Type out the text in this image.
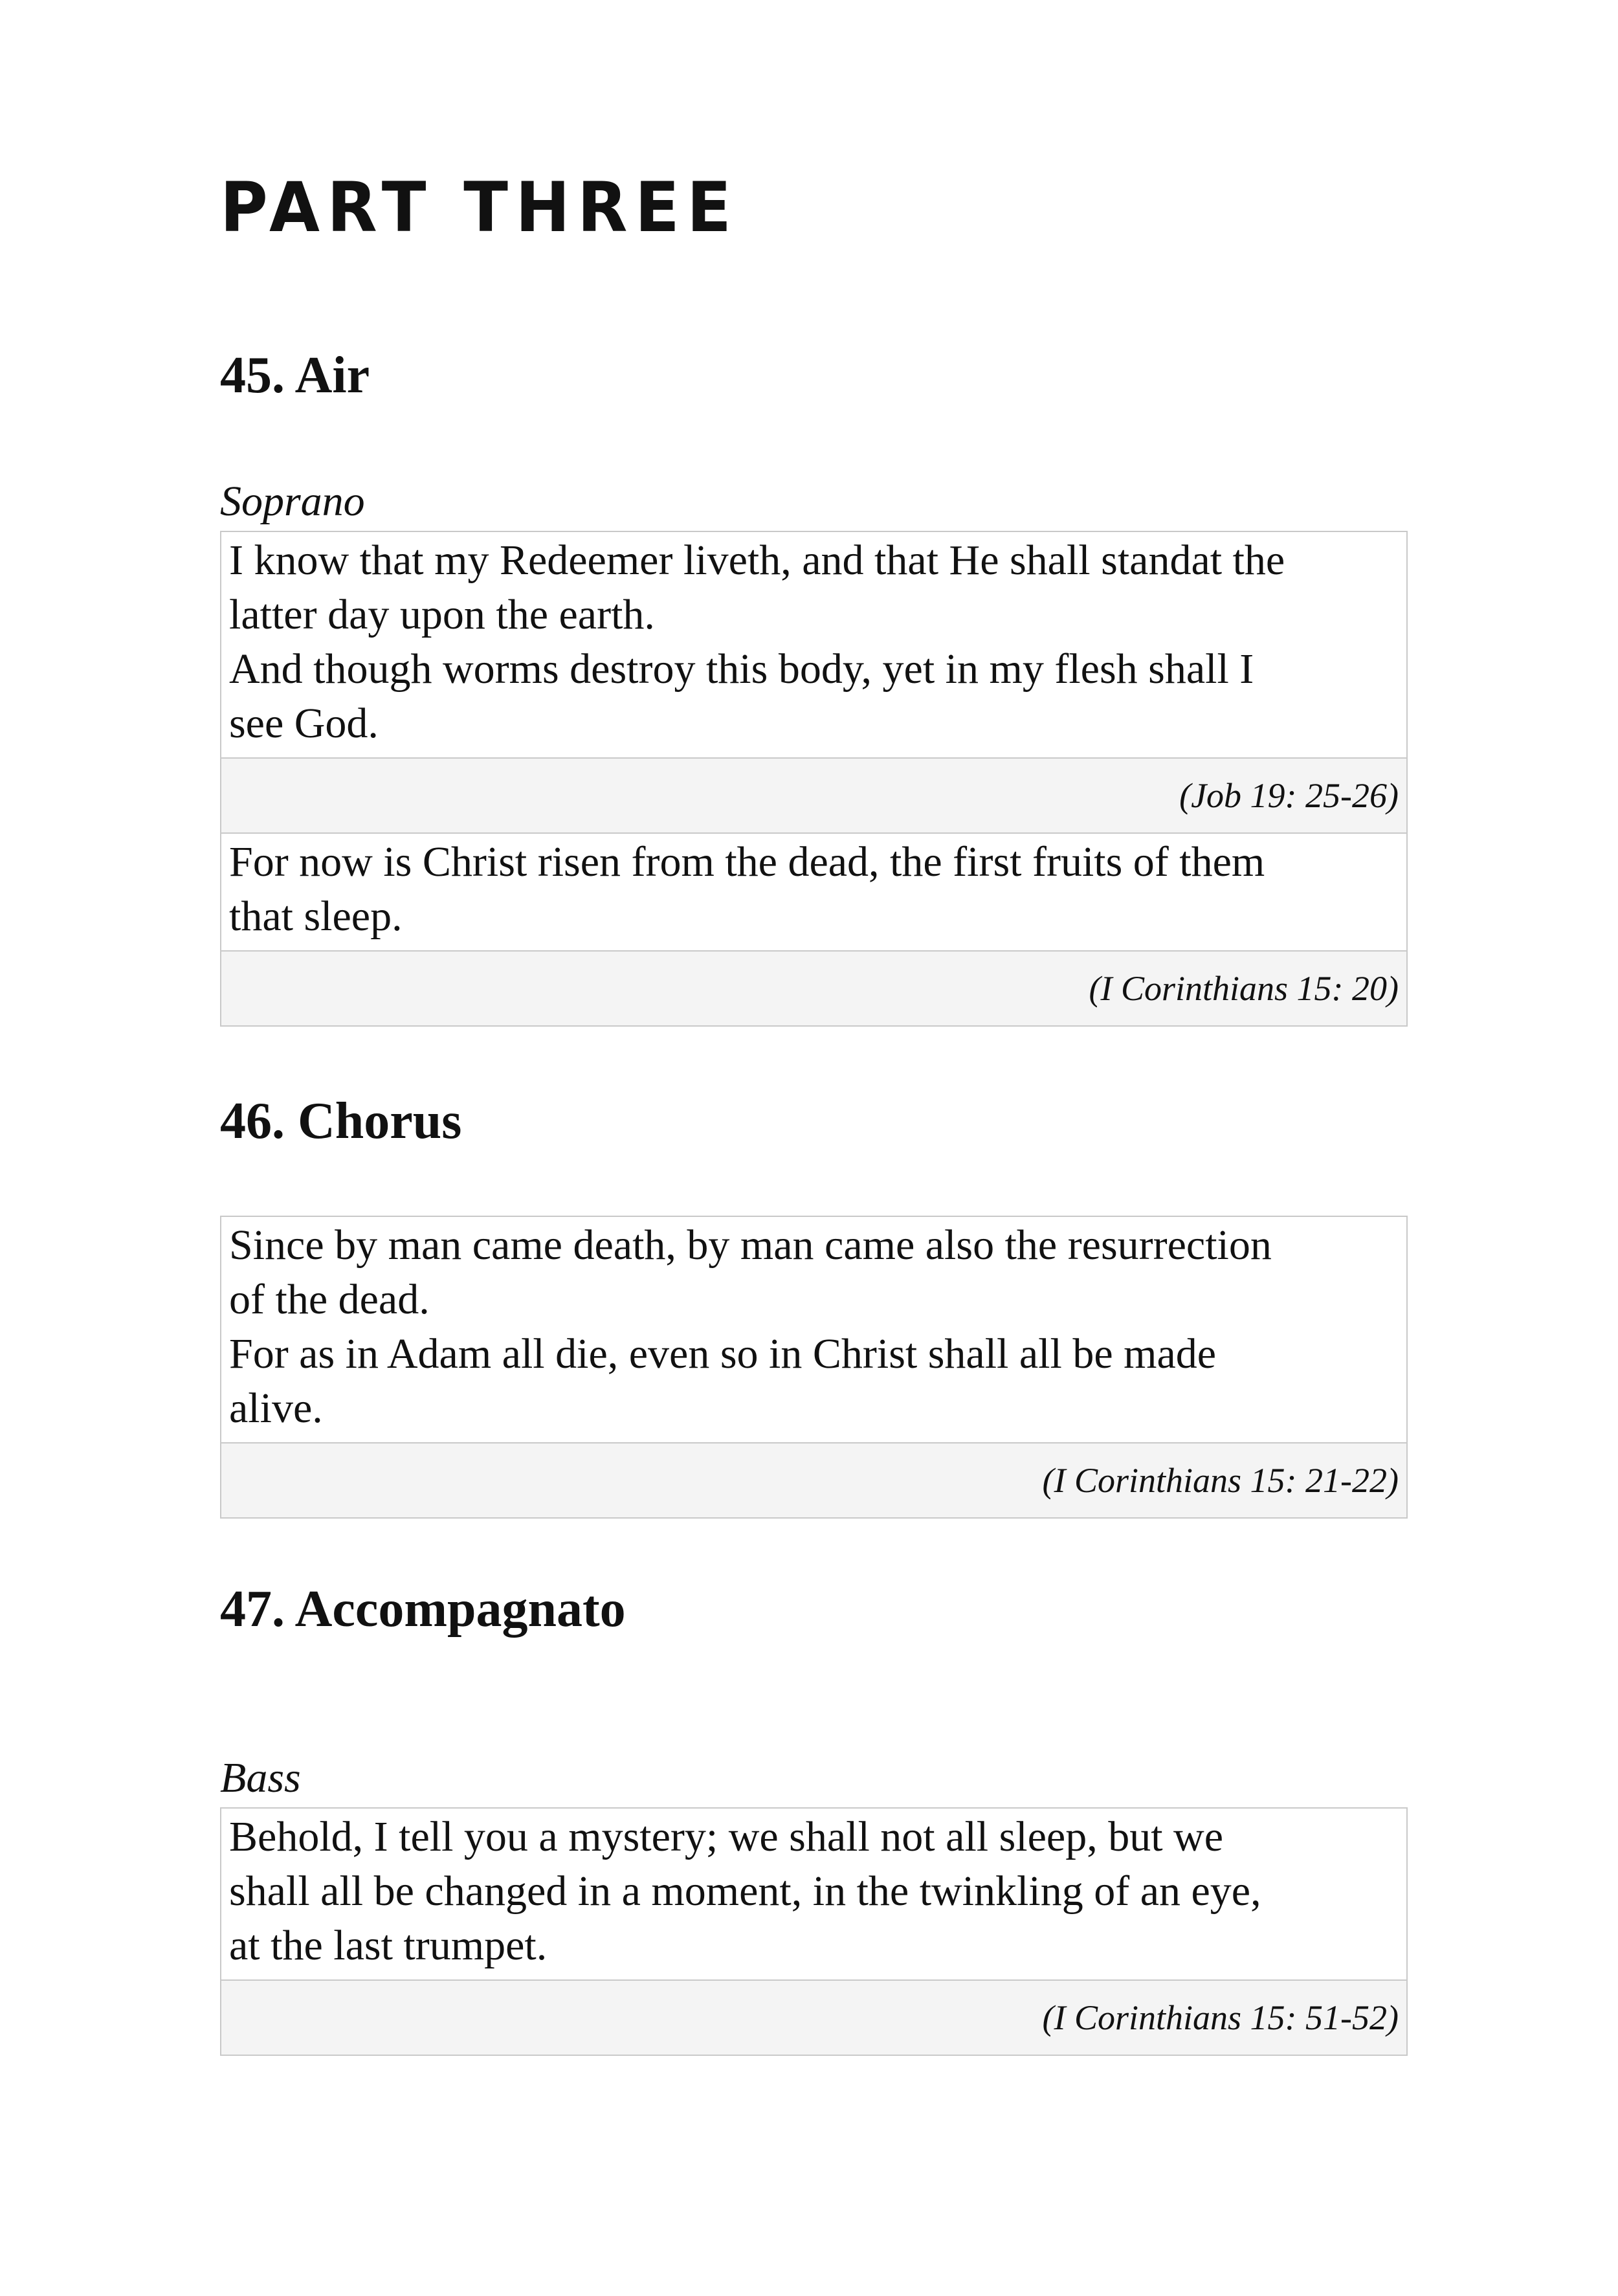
PART THREE
45. Air

Soprano

I know that my Redeemer liveth, and that He shall standat the
latter day upon the earth.
And though worms destroy this body, yet in my flesh shall I
see God.

(Job 19: 25-26)

For now is Christ risen from the dead, the first fruits of them
that sleep.

(I Corinthians 15: 20)
46. Chorus
Since by man came death, by man came also the resurrection
of the dead.
For as in Adam all die, even so in Christ shall all be made
alive.

(I Corinthians 15: 21-22)
47. Accompagnato

Bass

Behold, I tell you a mystery; we shall not all sleep, but we
shall all be changed in a moment, in the twinkling of an eye,
at the last trumpet.

(I Corinthians 15: 51-52)
